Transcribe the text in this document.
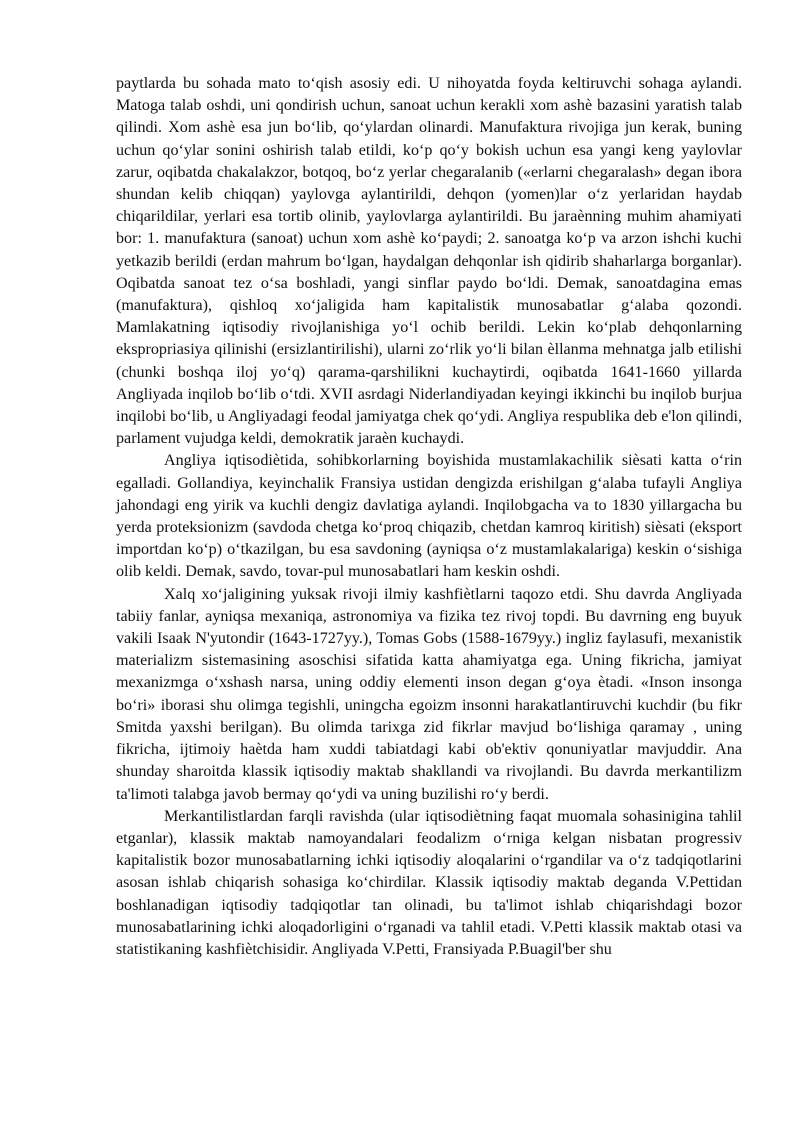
paytlarda bu sohada mato to‘qish asosiy edi. U nihoyatda foyda keltiruvchi sohaga aylandi. Matoga talab oshdi, uni qondirish uchun, sanoat uchun kerakli xom ashè bazasini yaratish talab qilindi. Xom ashè esa jun bo‘lib, qo‘ylardan olinardi. Manufaktura rivojiga jun kerak, buning uchun qo‘ylar sonini oshirish talab etildi, ko‘p qo‘y bokish uchun esa yangi keng yaylovlar zarur, oqibatda chakalakzor, botqoq, bo‘z yerlar chegaralanib («erlarni chegaralash» degan ibora shundan kelib chiqqan) yaylovga aylantirildi, dehqon (yomen)lar o‘z yerlaridan haydab chiqarildilar, yerlari esa tortib olinib, yaylovlarga aylantirildi. Bu jaraènning muhim ahamiyati bor: 1. manufaktura (sanoat) uchun xom ashè ko‘paydi; 2. sanoatga ko‘p va arzon ishchi kuchi yetkazib berildi (erdan mahrum bo‘lgan, haydalgan dehqonlar ish qidirib shaharlarga borganlar). Oqibatda sanoat tez o‘sa boshladi, yangi sinflar paydo bo‘ldi. Demak, sanoatdagina emas (manufaktura), qishloq xo‘jaligida ham kapitalistik munosabatlar g‘alaba qozondi. Mamlakatning iqtisodiy rivojlanishiga yo‘l ochib berildi. Lekin ko‘plab dehqonlarning ekspropriasiya qilinishi (ersizlantirilishi), ularni zo‘rlik yo‘li bilan èllanma mehnatga jalb etilishi (chunki boshqa iloj yo‘q) qarama-qarshilikni kuchaytirdi, oqibatda 1641-1660 yillarda Angliyada inqilob bo‘lib o‘tdi. XVII asrdagi Niderlandiyadan keyingi ikkinchi bu inqilob burjua inqilobi bo‘lib, u Angliyadagi feodal jamiyatga chek qo‘ydi. Angliya respublika deb e'lon qilindi, parlament vujudga keldi, demokratik jaraèn kuchaydi.

Angliya iqtisodiètida, sohibkorlarning boyishida mustamlakachilik sièsati katta o‘rin egalladi. Gollandiya, keyinchalik Fransiya ustidan dengizda erishilgan g‘alaba tufayli Angliya jahondagi eng yirik va kuchli dengiz davlatiga aylandi. Inqilobgacha va to 1830 yillargacha bu yerda proteksionizm (savdoda chetga ko‘proq chiqazib, chetdan kamroq kiritish) sièsati (eksport importdan ko‘p) o‘tkazilgan, bu esa savdoning (ayniqsa o‘z mustamlakalariga) keskin o‘sishiga olib keldi. Demak, savdo, tovar-pul munosabatlari ham keskin oshdi.

Xalq xo‘jaligining yuksak rivoji ilmiy kashfiètlarni taqozo etdi. Shu davrda Angliyada tabiiy fanlar, ayniqsa mexaniqa, astronomiya va fizika tez rivoj topdi. Bu davrning eng buyuk vakili Isaak N'yutondir (1643-1727yy.), Tomas Gobs (1588-1679yy.) ingliz faylasufi, mexanistik materializm sistemasining asoschisi sifatida katta ahamiyatga ega. Uning fikricha, jamiyat mexanizmga o‘xshash narsa, uning oddiy elementi inson degan g‘oya ètadi. «Inson insonga bo‘ri» iborasi shu olimga tegishli, uningcha egoizm insonni harakatlantiruvchi kuchdir (bu fikr Smitda yaxshi berilgan). Bu olimda tarixga zid fikrlar mavjud bo‘lishiga qaramay , uning fikricha, ijtimoiy haètda ham xuddi tabiatdagi kabi ob'ektiv qonuniyatlar mavjuddir. Ana shunday sharoitda klassik iqtisodiy maktab shakllandi va rivojlandi. Bu davrda merkantilizm ta'limoti talabga javob bermay qo‘ydi va uning buzilishi ro‘y berdi.

Merkantilistlardan farqli ravishda (ular iqtisodiètning faqat muomala sohasinigina tahlil etganlar), klassik maktab namoyandalari feodalizm o‘rniga kelgan nisbatan progressiv kapitalistik bozor munosabatlarning ichki iqtisodiy aloqalarini o‘rgandilar va o‘z tadqiqotlarini asosan ishlab chiqarish sohasiga ko‘chirdilar. Klassik iqtisodiy maktab deganda V.Pettidan boshlanadigan iqtisodiy tadqiqotlar tan olinadi, bu ta'limot ishlab chiqarishdagi bozor munosabatlarining ichki aloqadorligini o‘rganadi va tahlil etadi. V.Petti klassik maktab otasi va statistikaning kashfiètchisidir. Angliyada V.Petti, Fransiyada P.Buagil'ber shu
